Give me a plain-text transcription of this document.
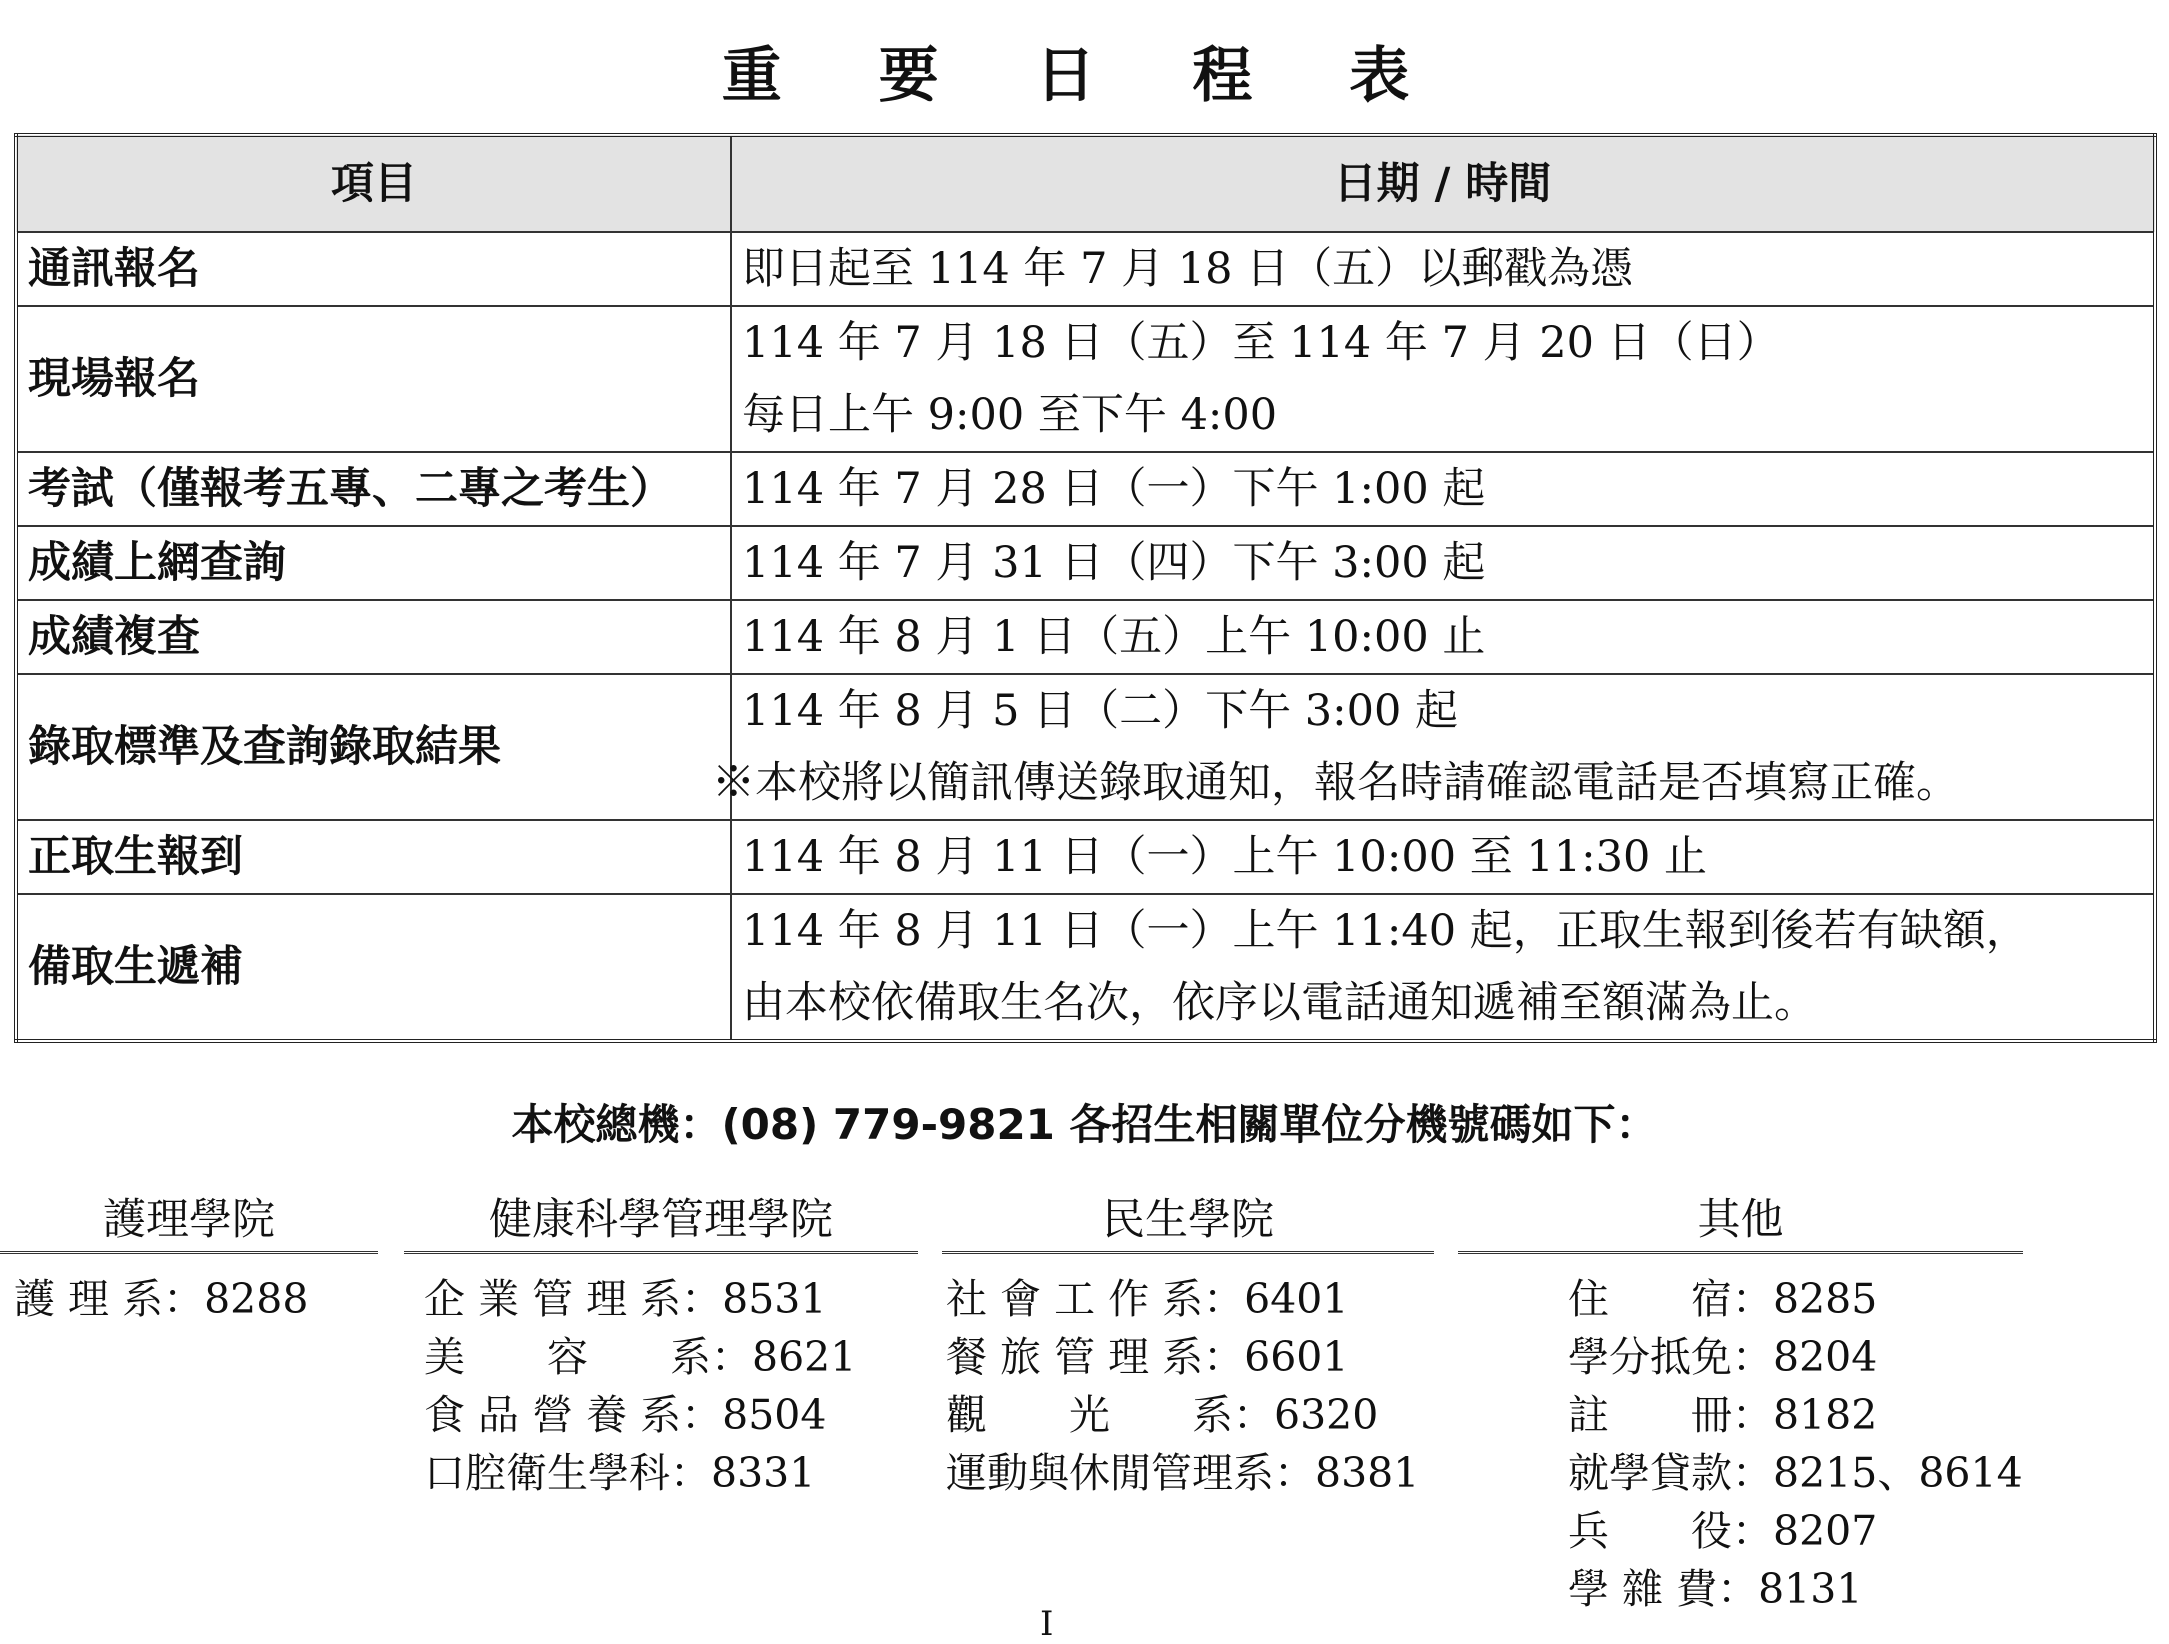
重 要 日 程 表
項目	日期 / 時間
通訊報名	即日起至 114 年 7 月 18 日（五）以郵戳為憑

現場報名	114 年 7 月 18 日（五）至 114 年 7 月 20 日（日）
每日上午 9:00 至下午 4:00

考試（僅報考五專、二專之考生）	114 年 7 月 28 日（一）下午 1:00 起

成績上網查詢	114 年 7 月 31 日（四）下午 3:00 起

成績複查	114 年 8 月 1 日（五）上午 10:00 止

錄取標準及查詢錄取結果	114 年 8 月 5 日（二）下午 3:00 起
※本校將以簡訊傳送錄取通知，報名時請確認電話是否填寫正確。

正取生報到	114 年 8 月 11 日（一）上午 10:00 至 11:30 止

備取生遞補	114 年 8 月 11 日（一）上午 11:40 起，正取生報到後若有缺額，
由本校依備取生名次，依序以電話通知遞補至額滿為止。
本校總機：(08) 779-9821 各招生相關單位分機號碼如下：
護理學院
護 理 系：8288
健康科學管理學院
企 業 管 理 系：8531
美　　容　　系：8621
食 品 營 養 系：8504
口腔衛生學科：8331
民生學院
社 會 工 作 系：6401
餐 旅 管 理 系：6601
觀　　光　　系：6320
運動與休閒管理系：8381
其他
住　　宿：8285
學分抵免：8204
註　　冊：8182
就學貸款：8215、8614
兵　　役：8207
學 雜 費：8131
I
